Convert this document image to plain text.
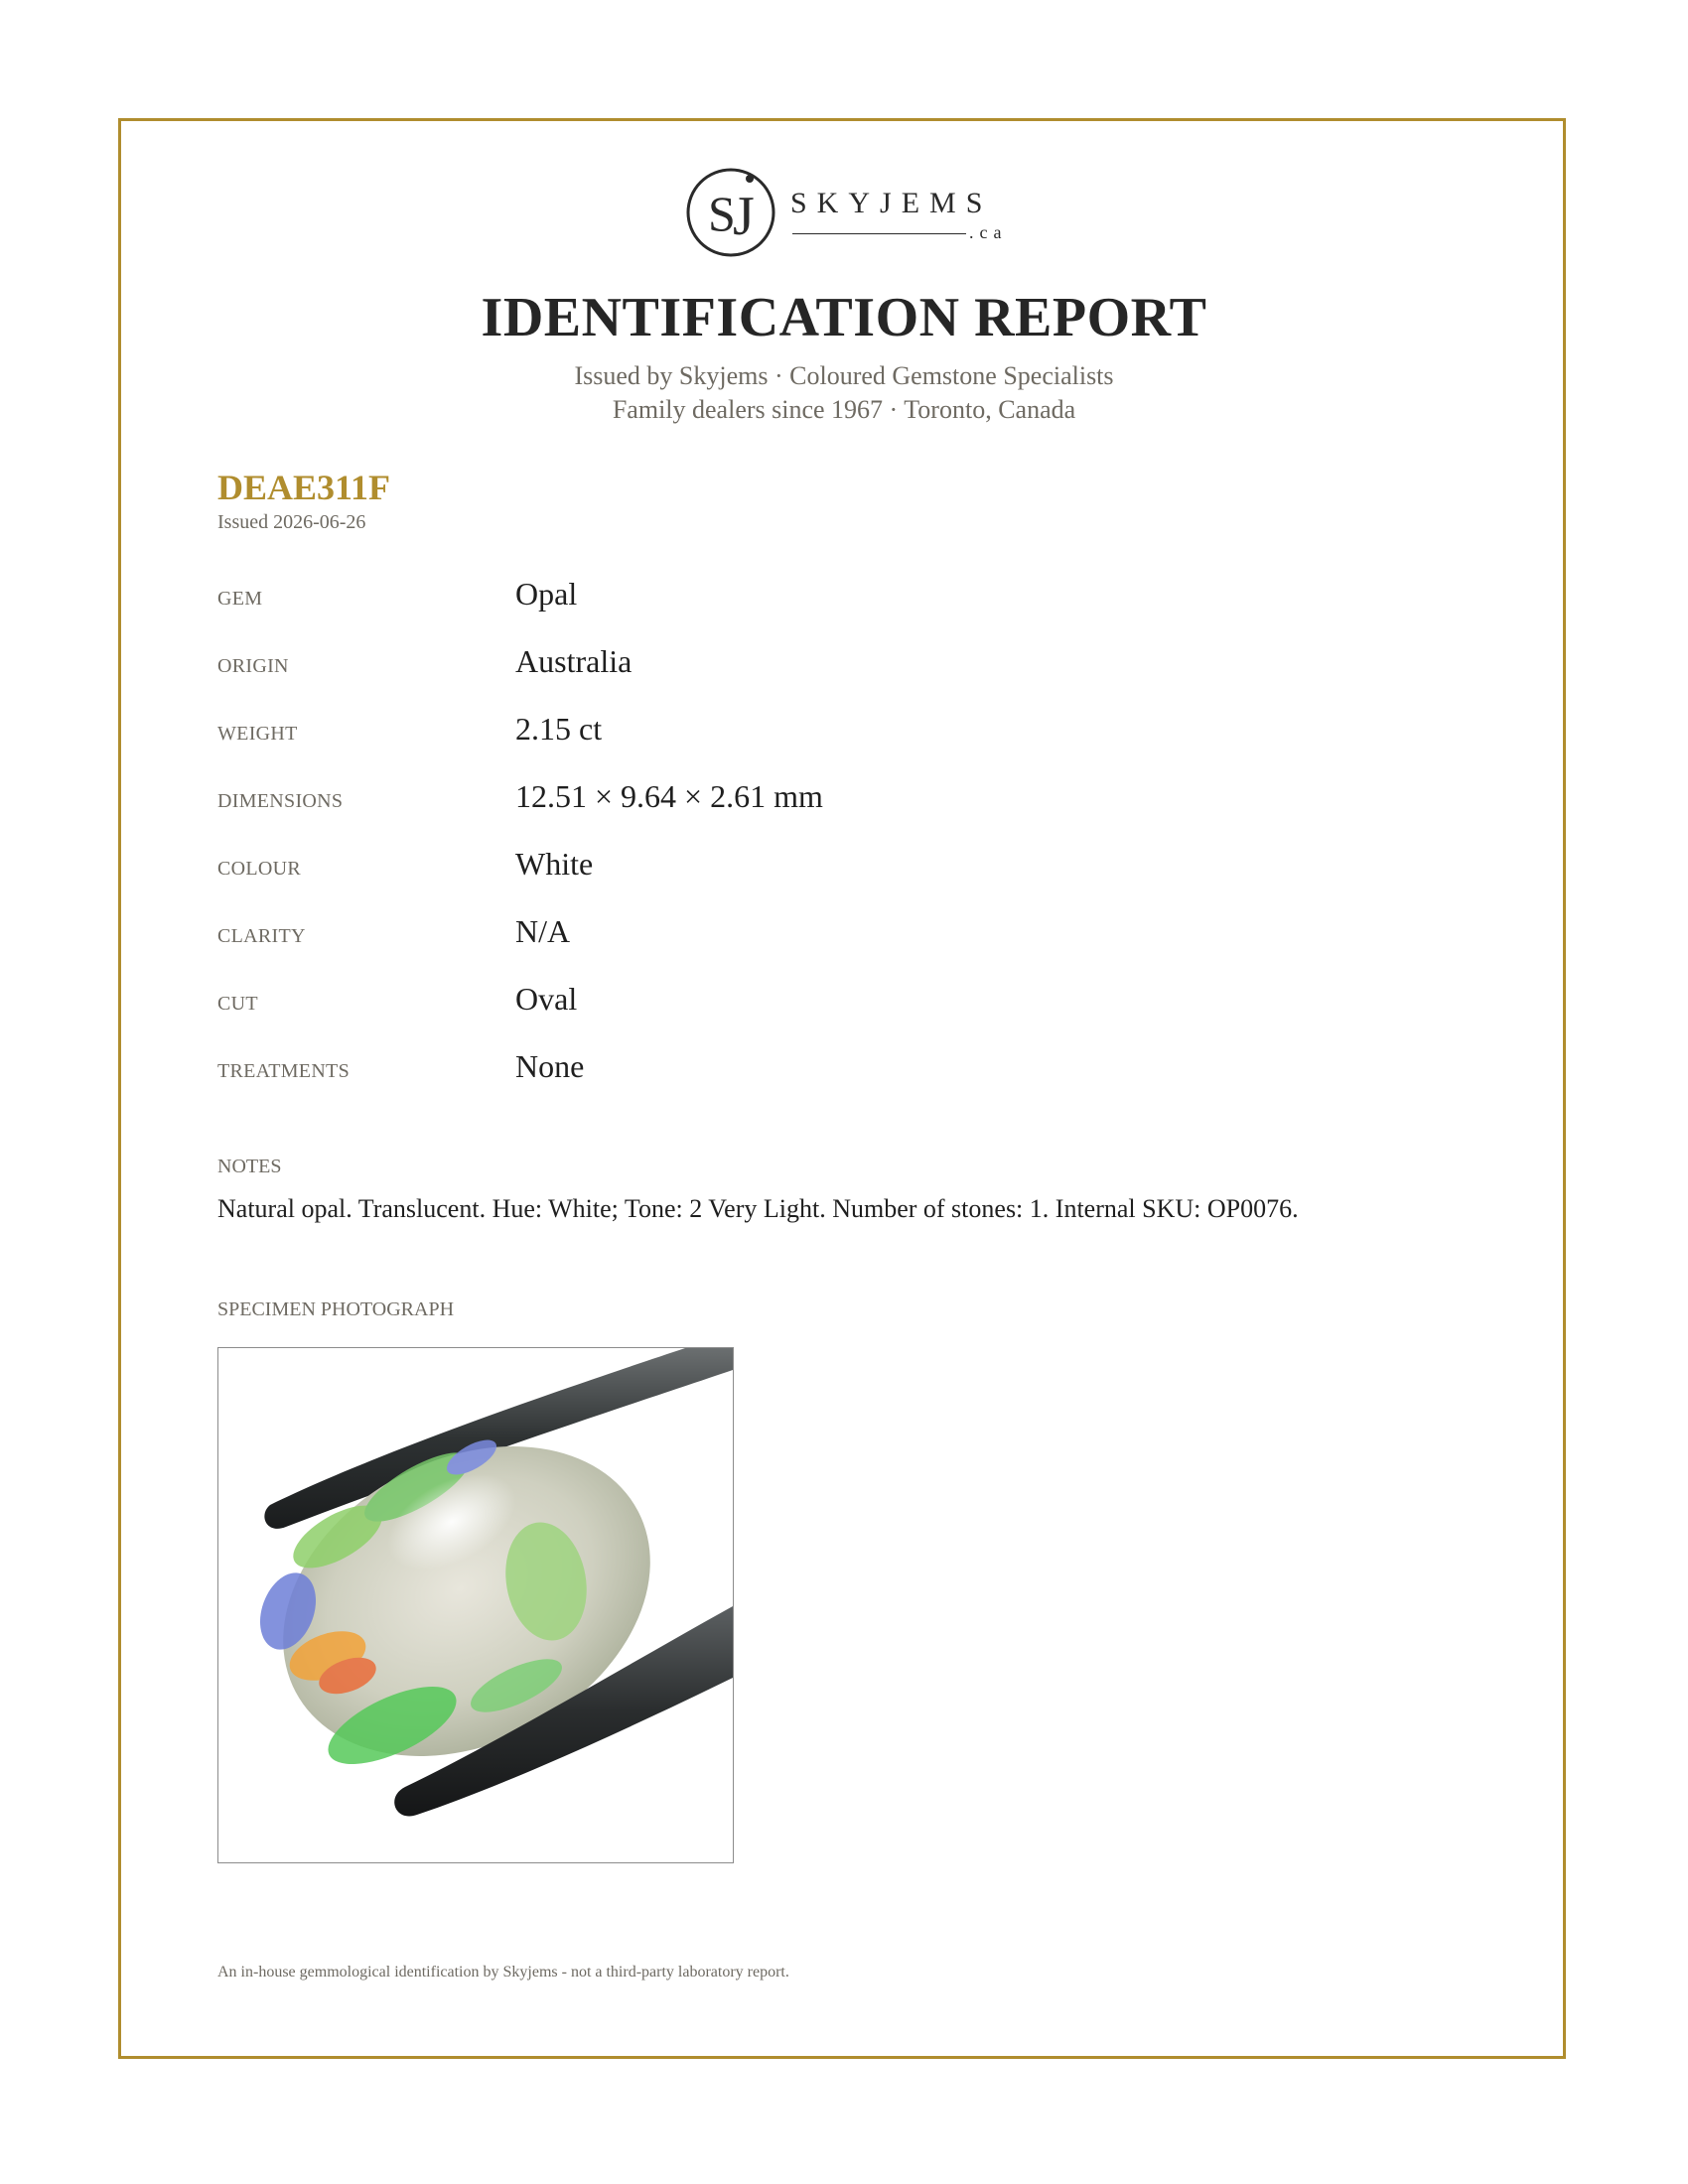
S
J SKYJEMS
.ca
IDENTIFICATION REPORT
Issued by Skyjems · Coloured Gemstone Specialists
Family dealers since 1967 · Toronto, Canada
DEAE311F
Issued 2026-06-26
GEM	Opal
ORIGIN	Australia
WEIGHT	2.15 ct
DIMENSIONS	12.51 × 9.64 × 2.61 mm
COLOUR	White
CLARITY	N/A
CUT	Oval
TREATMENTS	None
NOTES
Natural opal. Translucent. Hue: White; Tone: 2 Very Light. Number of stones: 1. Internal SKU: OP0076.
SPECIMEN PHOTOGRAPH
An in-house gemmological identification by Skyjems - not a third-party laboratory report.
